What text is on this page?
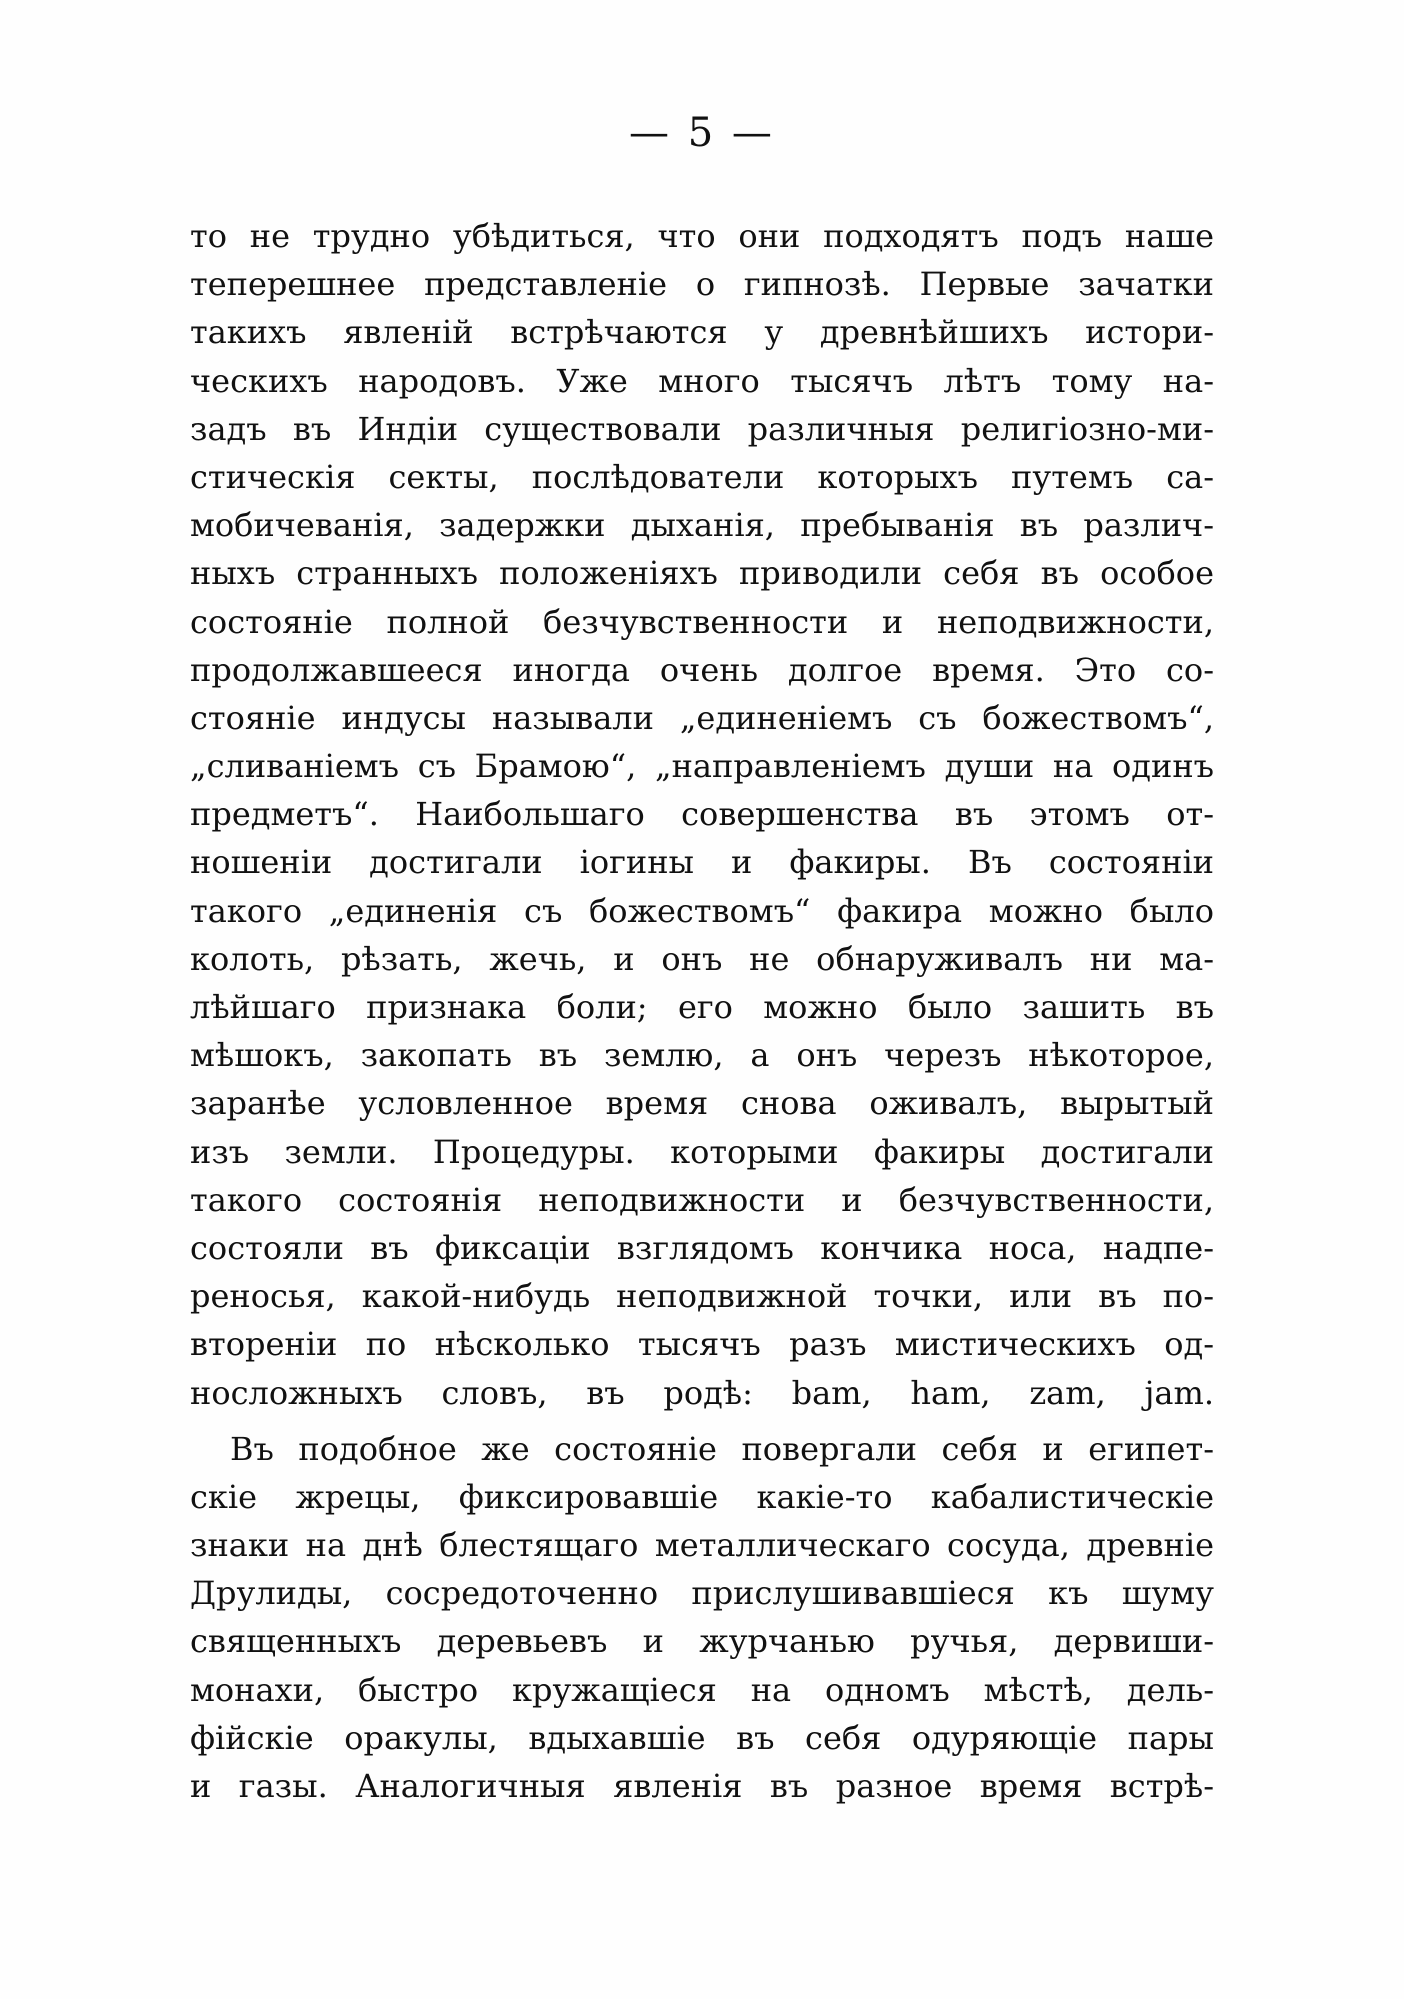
— 5 —
то не трудно убѣдиться, что они подходятъ подъ наше
теперешнее представленіе о гипнозѣ. Первые зачатки
такихъ явленій встрѣчаются у древнѣйшихъ истори-
ческихъ народовъ. Уже много тысячъ лѣтъ тому на-
задъ въ Индіи существовали различныя религіозно-ми-
стическія секты, послѣдователи которыхъ путемъ са-
мобичеванія, задержки дыханія, пребыванія въ различ-
ныхъ странныхъ положеніяхъ приводили себя въ особое
состояніе полной безчувственности и неподвижности,
продолжавшееся иногда очень долгое время. Это со-
стояніе индусы называли „единеніемъ съ божествомъ“,
„сливаніемъ съ Брамою“, „направленіемъ души на одинъ
предметъ“. Наибольшаго совершенства въ этомъ от-
ношеніи достигали іогины и факиры. Въ состояніи
такого „единенія съ божествомъ“ факира можно было
колоть, рѣзать, жечь, и онъ не обнаруживалъ ни ма-
лѣйшаго признака боли; его можно было зашить въ
мѣшокъ, закопать въ землю, а онъ черезъ нѣкоторое,
заранѣе условленное время снова оживалъ, вырытый
изъ земли. Процедуры. которыми факиры достигали
такого состоянія неподвижности и безчувственности,
состояли въ фиксаціи взглядомъ кончика носа, надпе-
реносья, какой-нибудь неподвижной точки, или въ по-
втореніи по нѣсколько тысячъ разъ мистическихъ од-
носложныхъ словъ, въ родѣ: bam, ham, zam, jam.
Въ подобное же состояніе повергали себя и египет-
скіе жрецы, фиксировавшіе какіе-то кабалистическіе
знаки на днѣ блестящаго металлическаго сосуда, древніе
Друлиды, сосредоточенно прислушивавшіеся къ шуму
священныхъ деревьевъ и журчанью ручья, дервиши-
монахи, быстро кружащіеся на одномъ мѣстѣ, дель-
фійскіе оракулы, вдыхавшіе въ себя одуряющіе пары
и газы. Аналогичныя явленія въ разное время встрѣ-
